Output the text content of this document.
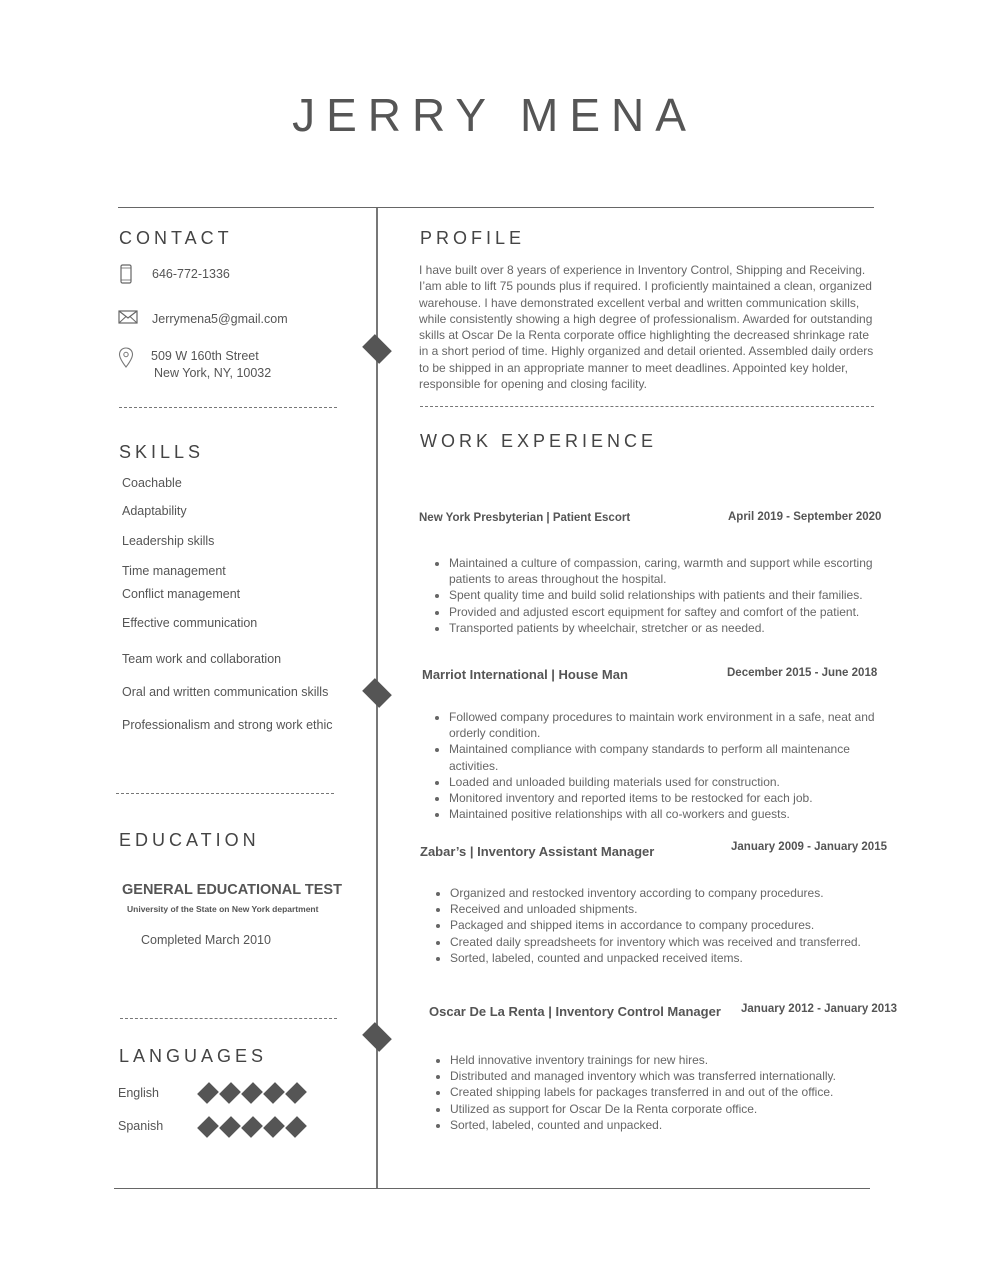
JERRY MENA
CONTACT
646-772-1336
Jerrymena5@gmail.com
509 W 160th Street
New York, NY, 10032
SKILLS
Coachable
Adaptability
Leadership skills
Time management
Conflict management
Effective communication
Team work and collaboration
Oral and written communication skills
Professionalism and strong work ethic
EDUCATION
GENERAL EDUCATIONAL TEST
University of the State on New York department
Completed March 2010
LANGUAGES
English
Spanish
PROFILE
I have built over 8 years of experience in Inventory Control, Shipping and Receiving. I’am able to lift 75 pounds plus if required. I proficiently maintained a clean, organized warehouse. I have demonstrated excellent verbal and written communication skills, while consistently showing a high degree of professionalism. Awarded for outstanding skills at Oscar De la Renta corporate office highlighting the decreased shrinkage rate in a short period of time. Highly organized and detail oriented. Assembled daily orders to be shipped in an appropriate manner to meet deadlines. Appointed key holder, responsible for opening and closing facility.
WORK EXPERIENCE
New York Presbyterian | Patient Escort	April 2019 - September 2020
• Maintained a culture of compassion, caring, warmth and support while escorting patients to areas throughout the hospital.
• Spent quality time and build solid relationships with patients and their families.
• Provided and adjusted escort equipment for saftey and comfort of the patient.
• Transported patients by wheelchair, stretcher or as needed.
Marriot International | House Man	December 2015 - June 2018
• Followed company procedures to maintain work environment in a safe, neat and orderly condition.
• Maintained compliance with company standards to perform all maintenance activities.
• Loaded and unloaded building materials used for construction.
• Monitored inventory and reported items to be restocked for each job.
• Maintained positive relationships with all co-workers and guests.
Zabar’s | Inventory Assistant Manager	January 2009 - January 2015
• Organized and restocked inventory according to company procedures.
• Received and unloaded shipments.
• Packaged and shipped items in accordance to company procedures.
• Created daily spreadsheets for inventory which was received and transferred.
• Sorted, labeled, counted and unpacked received items.
Oscar De La Renta | Inventory Control Manager January 2012 - January 2013
• Held innovative inventory trainings for new hires.
• Distributed and managed inventory which was transferred internationally.
• Created shipping labels for packages transferred in and out of the office.
• Utilized as support for Oscar De la Renta corporate office.
• Sorted, labeled, counted and unpacked.
